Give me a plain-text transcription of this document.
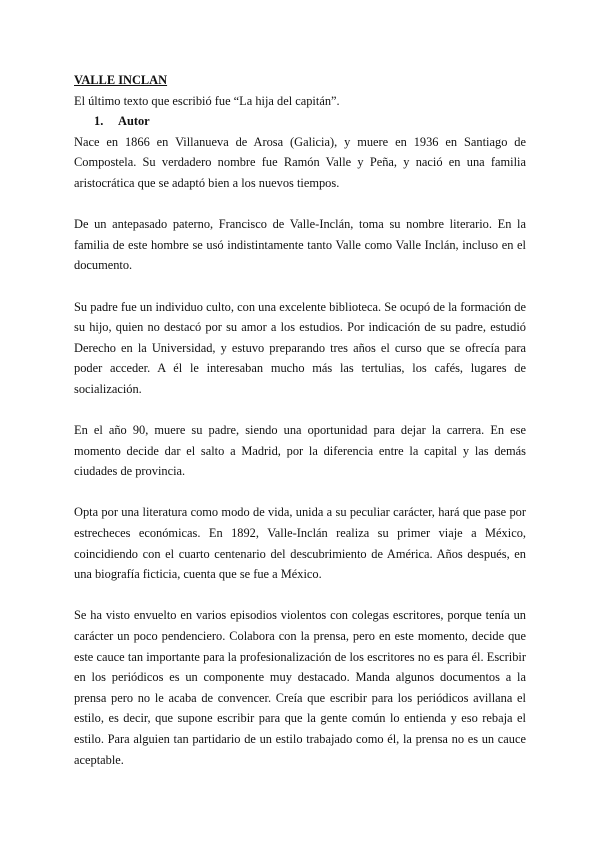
VALLE INCLAN

El último texto que escribió fue “La hija del capitán”.

1. Autor

Nace en 1866 en Villanueva de Arosa (Galicia), y muere en 1936 en Santiago de Compostela. Su verdadero nombre fue Ramón Valle y Peña, y nació en una familia aristocrática que se adaptó bien a los nuevos tiempos.

De un antepasado paterno, Francisco de Valle-Inclán, toma su nombre literario. En la familia de este hombre se usó indistintamente tanto Valle como Valle Inclán, incluso en el documento.

Su padre fue un individuo culto, con una excelente biblioteca. Se ocupó de la formación de su hijo, quien no destacó por su amor a los estudios. Por indicación de su padre, estudió Derecho en la Universidad, y estuvo preparando tres años el curso que se ofrecía para poder acceder. A él le interesaban mucho más las tertulias, los cafés, lugares de socialización.

En el año 90, muere su padre, siendo una oportunidad para dejar la carrera. En ese momento decide dar el salto a Madrid, por la diferencia entre la capital y las demás ciudades de provincia.

Opta por una literatura como modo de vida, unida a su peculiar carácter, hará que pase por estrecheces económicas. En 1892, Valle-Inclán realiza su primer viaje a México, coincidiendo con el cuarto centenario del descubrimiento de América. Años después, en una biografía ficticia, cuenta que se fue a México.

Se ha visto envuelto en varios episodios violentos con colegas escritores, porque tenía un carácter un poco pendenciero. Colabora con la prensa, pero en este momento, decide que este cauce tan importante para la profesionalización de los escritores no es para él. Escribir en los periódicos es un componente muy destacado. Manda algunos documentos a la prensa pero no le acaba de convencer. Creía que escribir para los periódicos avillana el estilo, es decir, que supone escribir para que la gente común lo entienda y eso rebaja el estilo. Para alguien tan partidario de un estilo trabajado como él, la prensa no es un cauce aceptable.
